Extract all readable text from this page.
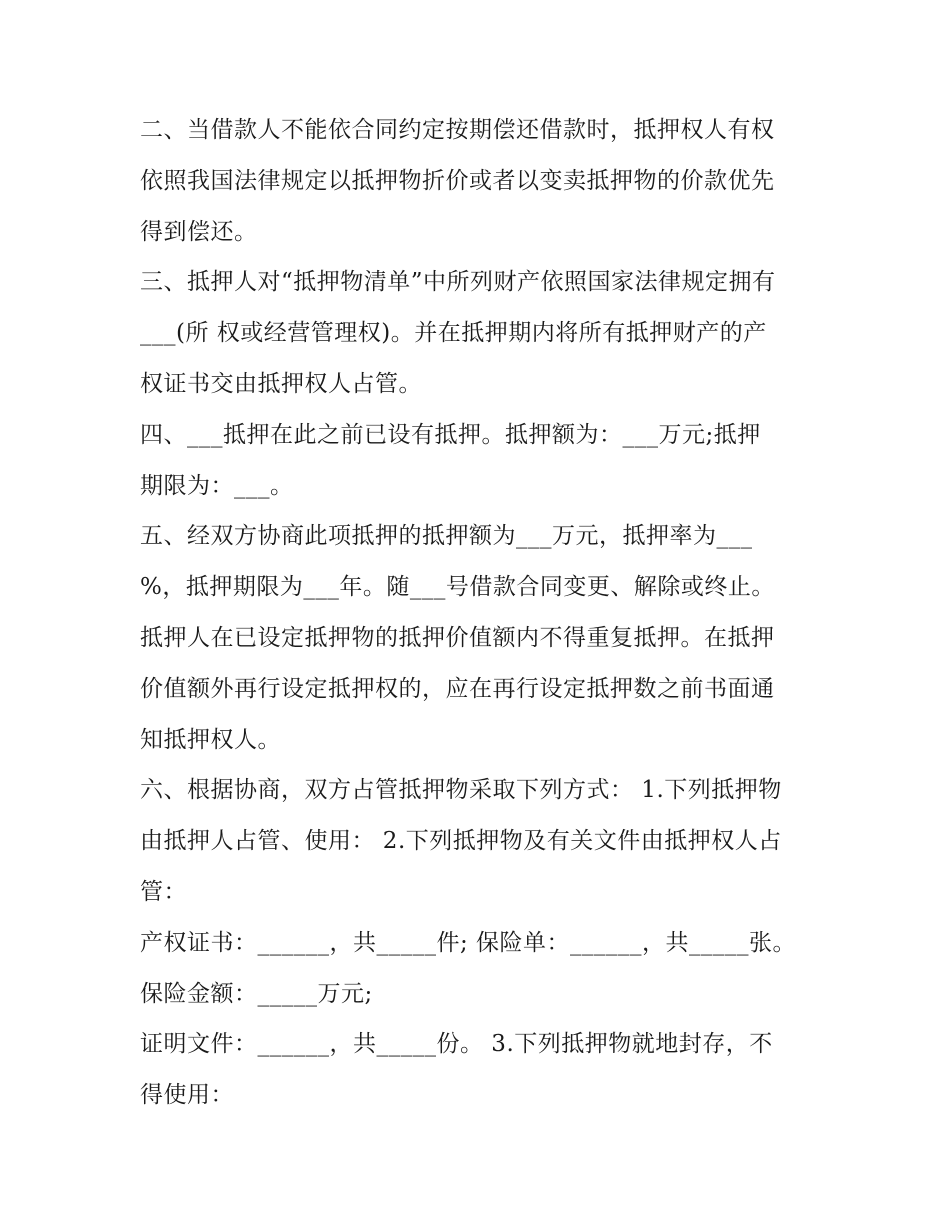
二、当借款人不能依合同约定按期偿还借款时，抵押权人有权
依照我国法律规定以抵押物折价或者以变卖抵押物的价款优先
得到偿还。
三、抵押人对“抵押物清单”中所列财产依照国家法律规定拥有
___(所 权或经营管理权)。并在抵押期内将所有抵押财产的产
权证书交由抵押权人占管。
四、___抵押在此之前已设有抵押。抵押额为：___万元;抵押
期限为：___。
五、经双方协商此项抵押的抵押额为___万元，抵押率为___
%，抵押期限为___年。随___号借款合同变更、解除或终止。
抵押人在已设定抵押物的抵押价值额内不得重复抵押。在抵押
价值额外再行设定抵押权的，应在再行设定抵押数之前书面通
知抵押权人。
六、根据协商，双方占管抵押物采取下列方式： 1.下列抵押物
由抵押人占管、使用： 2.下列抵押物及有关文件由抵押权人占
管：
产权证书：______，共_____件; 保险单：______，共_____张。
保险金额：_____万元;
证明文件：______，共_____份。 3.下列抵押物就地封存，不
得使用：
